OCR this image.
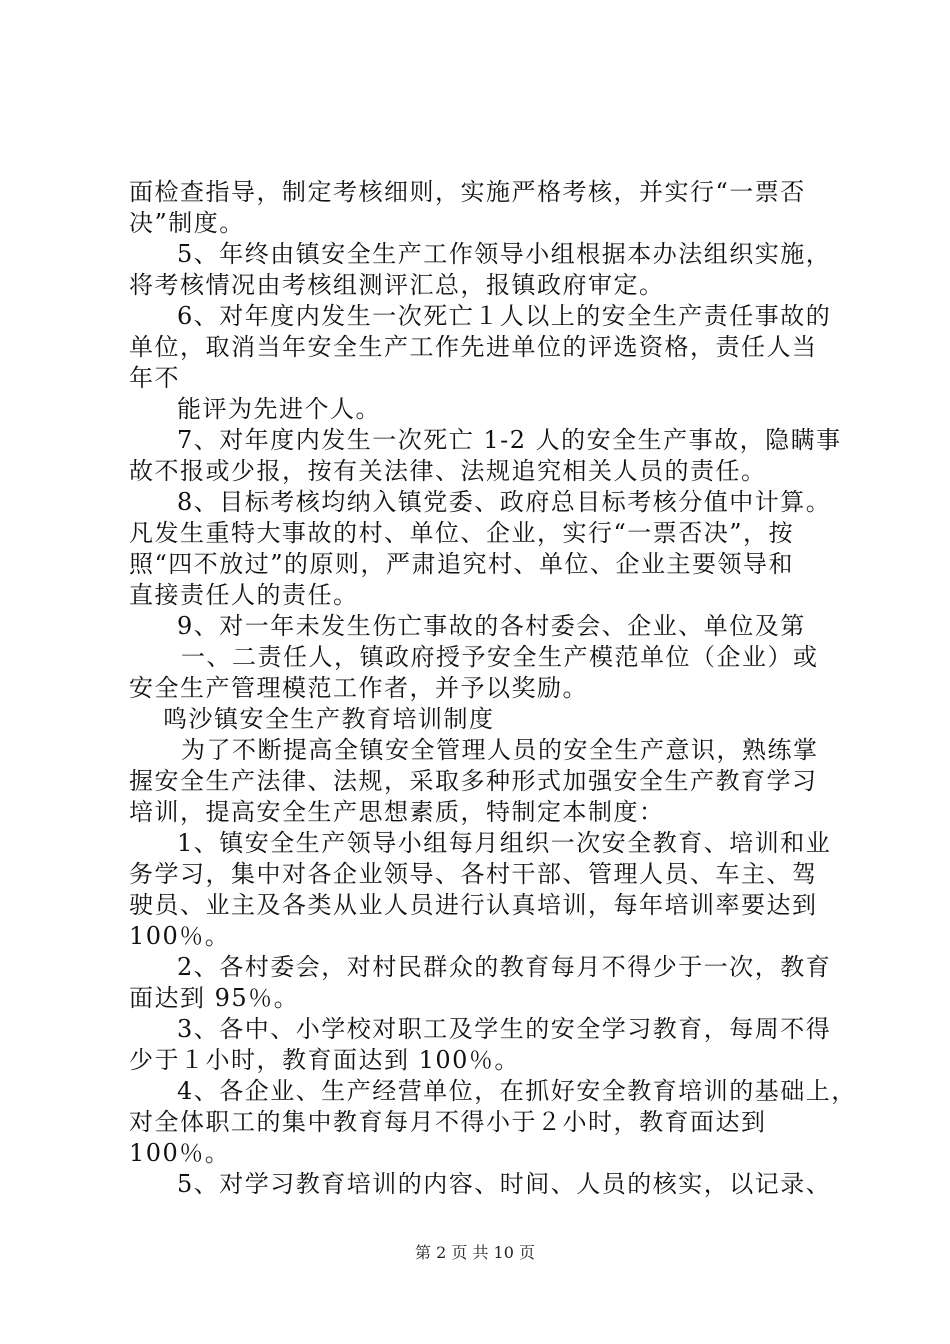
面检查指导，制定考核细则，实施严格考核，并实行“一票否
决”制度。
5、年终由镇安全生产工作领导小组根据本办法组织实施，
将考核情况由考核组测评汇总，报镇政府审定。
6、对年度内发生一次死亡１人以上的安全生产责任事故的
单位，取消当年安全生产工作先进单位的评选资格，责任人当
年不
能评为先进个人。
7、对年度内发生一次死亡 1-2 人的安全生产事故，隐瞒事
故不报或少报，按有关法律、法规追究相关人员的责任。
8、目标考核均纳入镇党委、政府总目标考核分值中计算。
凡发生重特大事故的村、单位、企业，实行“一票否决”，按
照“四不放过”的原则，严肃追究村、单位、企业主要领导和
直接责任人的责任。
9、对一年未发生伤亡事故的各村委会、企业、单位及第
一、二责任人，镇政府授予安全生产模范单位（企业）或
安全生产管理模范工作者，并予以奖励。
鸣沙镇安全生产教育培训制度
为了不断提高全镇安全管理人员的安全生产意识，熟练掌
握安全生产法律、法规，采取多种形式加强安全生产教育学习
培训，提高安全生产思想素质，特制定本制度：
1、镇安全生产领导小组每月组织一次安全教育、培训和业
务学习，集中对各企业领导、各村干部、管理人员、车主、驾
驶员、业主及各类从业人员进行认真培训，每年培训率要达到
100％。
2、各村委会，对村民群众的教育每月不得少于一次，教育
面达到 95％。
3、各中、小学校对职工及学生的安全学习教育，每周不得
少于１小时，教育面达到 100％。
4、各企业、生产经营单位，在抓好安全教育培训的基础上，
对全体职工的集中教育每月不得小于２小时，教育面达到
100％。
5、对学习教育培训的内容、时间、人员的核实，以记录、
第 2 页 共 10 页
